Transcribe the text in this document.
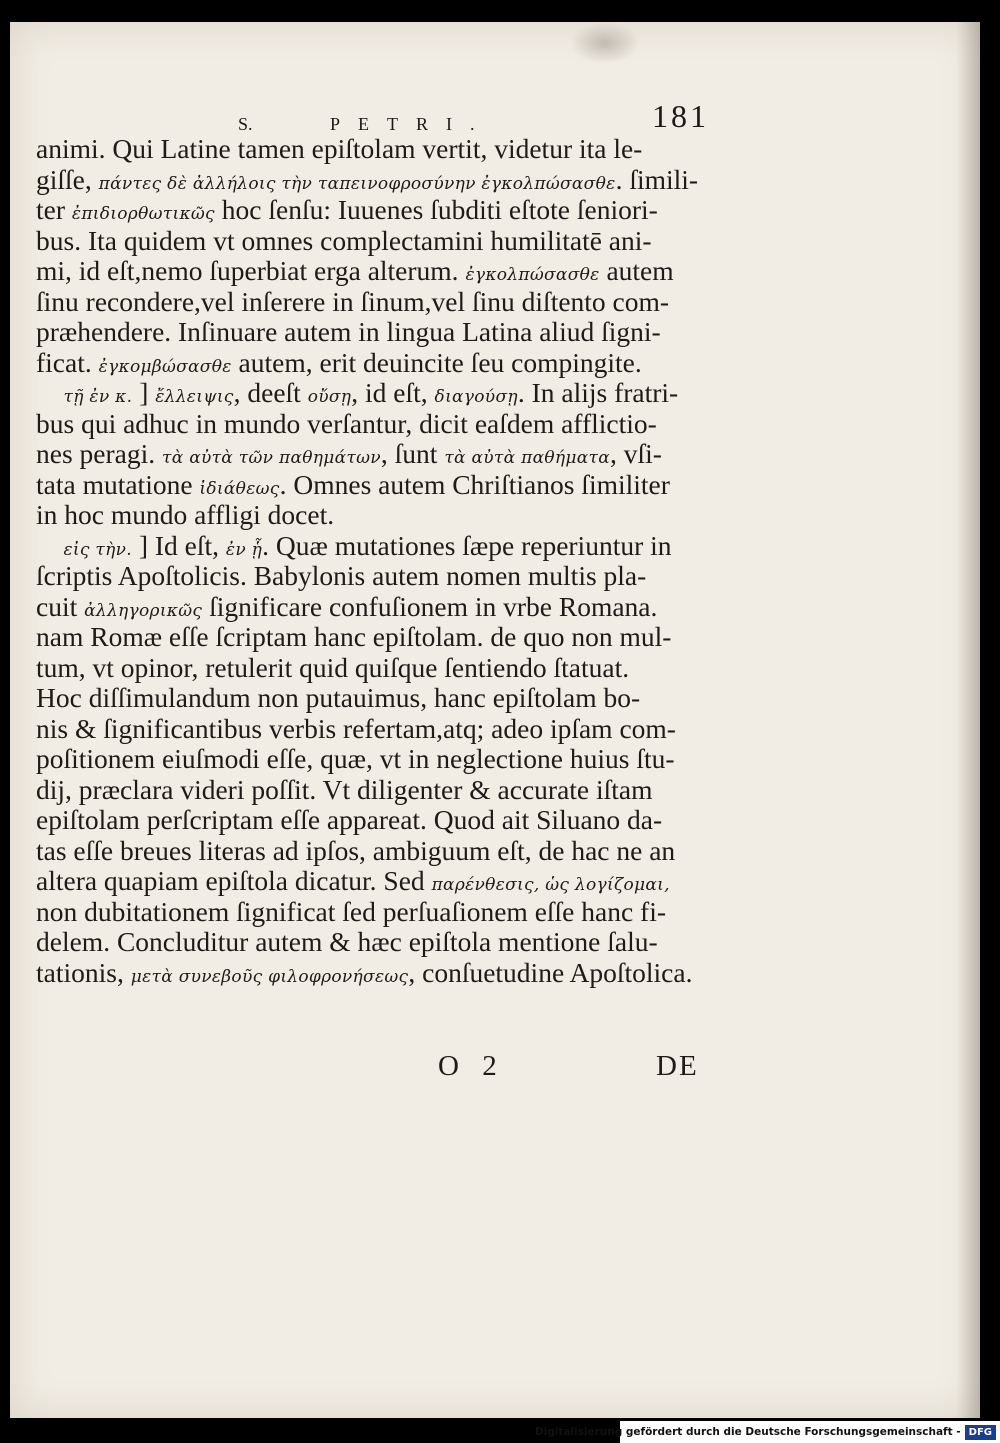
S.	PETRI.	181
animi. Qui Latine tamen epiſtolam vertit, videtur ita le-
giſſe, πάντες δὲ ἀλλήλοις τὴν ταπεινοφροσύνην ἐγκολπώσασθε. ſimili-
ter ἐπιδιορθωτικῶς hoc ſenſu: Iuuenes ſubditi eſtote ſeniori-
bus. Ita quidem vt omnes complectamini humilitatē ani-
mi, id eſt,nemo ſuperbiat erga alterum. ἐγκολπώσασθε autem
ſinu recondere,vel inſerere in ſinum,vel ſinu diſtento com-
præhendere. Inſinuare autem in lingua Latina aliud ſigni-
ficat. ἐγκομβώσασθε autem, erit deuincite ſeu compingite.
τῇ ἐν κ. ] ἔλλειψις, deeſt οὔσῃ, id eſt, διαγούσῃ. In alijs fratri-
bus qui adhuc in mundo verſantur, dicit eaſdem afflictio-
nes peragi. τὰ αὐτὰ τῶν παθημάτων, ſunt τὰ αὐτὰ παθήματα, vſi-
tata mutatione ἰδιάθεως. Omnes autem Chriſtianos ſimiliter
in hoc mundo affligi docet.
εἰς τὴν. ] Id eſt, ἐν ᾗ. Quæ mutationes ſæpe reperiuntur in
ſcriptis Apoſtolicis. Babylonis autem nomen multis pla-
cuit ἀλληγορικῶς ſignificare confuſionem in vrbe Romana.
nam Romæ eſſe ſcriptam hanc epiſtolam. de quo non mul-
tum, vt opinor, retulerit quid quiſque ſentiendo ſtatuat.
Hoc diſſimulandum non putauimus, hanc epiſtolam bo-
nis & ſignificantibus verbis refertam,atq; adeo ipſam com-
poſitionem eiuſmodi eſſe, quæ, vt in neglectione huius ſtu-
dij, præclara videri poſſit. Vt diligenter & accurate iſtam
epiſtolam perſcriptam eſſe appareat. Quod ait Siluano da-
tas eſſe breues literas ad ipſos, ambiguum eſt, de hac ne an
altera quapiam epiſtola dicatur. Sed παρένθεσις, ὡς λογίζομαι,
non dubitationem ſignificat ſed perſuaſionem eſſe hanc fi-
delem. Concluditur autem & hæc epiſtola mentione ſalu-
tationis, μετὰ συνεβοῦς φιλοφρονήσεως, conſuetudine Apoſtolica.
O 2	DE
Digitalisierung gefördert durch die Deutsche Forschungsgemeinschaft - DFG
